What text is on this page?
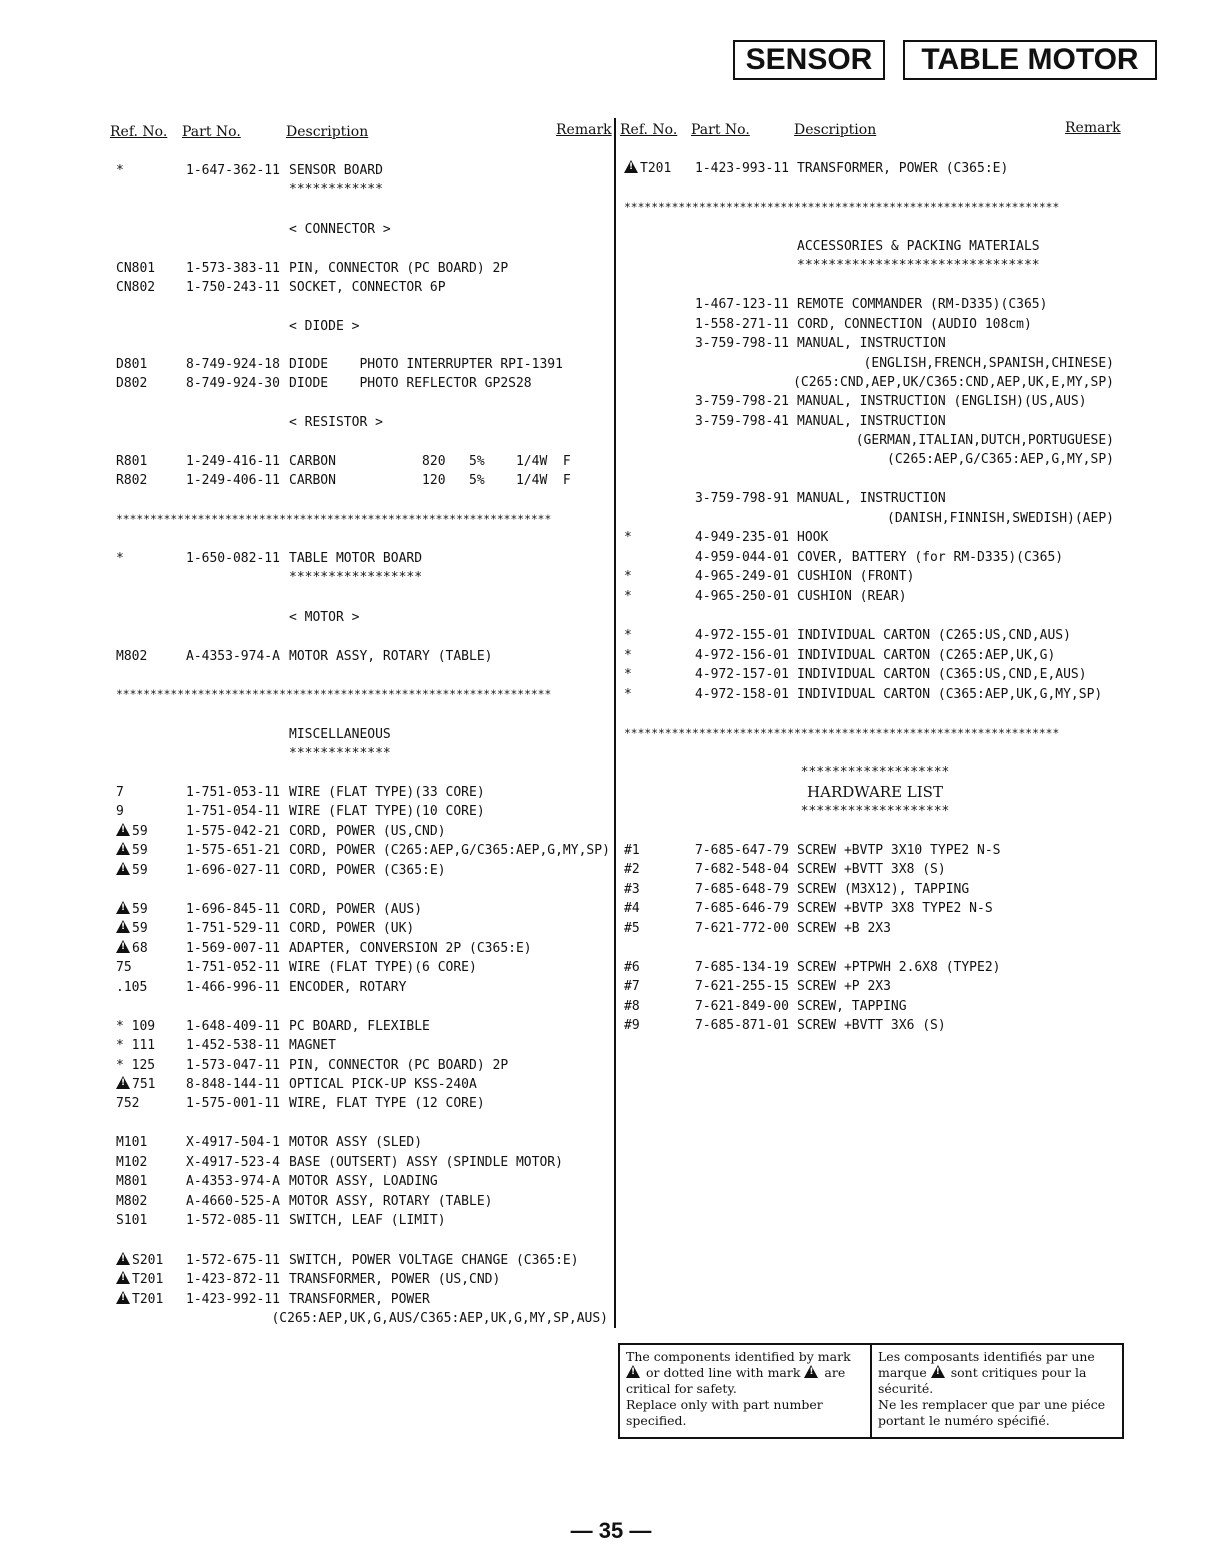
SENSOR	TABLE MOTOR
Ref. No. Part No.	Description	Remark Ref. No. Part No.	Description	Remark
*	1-647-362-11 SENSOR BOARD
************
< CONNECTOR >
CN801 1-573-383-11 PIN, CONNECTOR (PC BOARD) 2P
CN802 1-750-243-11 SOCKET, CONNECTOR 6P
< DIODE >
D801	8-749-924-18 DIODE    PHOTO INTERRUPTER RPI-1391
D802	8-749-924-30 DIODE    PHOTO REFLECTOR GP2S28
< RESISTOR >
R801	1-249-416-11 CARBON           820   5%    1/4W  F
R802	1-249-406-11 CARBON           120   5%    1/4W  F
****************************************************************
*	1-650-082-11 TABLE MOTOR BOARD
*****************
< MOTOR >
M802	A-4353-974-A MOTOR ASSY, ROTARY (TABLE)
****************************************************************
MISCELLANEOUS
*************
7	1-751-053-11 WIRE (FLAT TYPE)(33 CORE)
9	1-751-054-11 WIRE (FLAT TYPE)(10 CORE)
!59	1-575-042-21 CORD, POWER (US,CND)
!59	1-575-651-21 CORD, POWER (C265:AEP,G/C365:AEP,G,MY,SP)
!59	1-696-027-11 CORD, POWER (C365:E)
!59	1-696-845-11 CORD, POWER (AUS)
!59	1-751-529-11 CORD, POWER (UK)
!68	1-569-007-11 ADAPTER, CONVERSION 2P (C365:E)
75	1-751-052-11 WIRE (FLAT TYPE)(6 CORE)
.105	1-466-996-11 ENCODER, ROTARY
* 109 1-648-409-11 PC BOARD, FLEXIBLE
* 111 1-452-538-11 MAGNET
* 125 1-573-047-11 PIN, CONNECTOR (PC BOARD) 2P
!751 8-848-144-11 OPTICAL PICK-UP KSS-240A
752	1-575-001-11 WIRE, FLAT TYPE (12 CORE)
M101	X-4917-504-1 MOTOR ASSY (SLED)
M102	X-4917-523-4 BASE (OUTSERT) ASSY (SPINDLE MOTOR)
M801	A-4353-974-A MOTOR ASSY, LOADING
M802	A-4660-525-A MOTOR ASSY, ROTARY (TABLE)
S101	1-572-085-11 SWITCH, LEAF (LIMIT)
!S201 1-572-675-11 SWITCH, POWER VOLTAGE CHANGE (C365:E)
!T201 1-423-872-11 TRANSFORMER, POWER (US,CND)
!T201 1-423-992-11 TRANSFORMER, POWER
(C265:AEP,UK,G,AUS/C365:AEP,UK,G,MY,SP,AUS)
!T201 1-423-993-11 TRANSFORMER, POWER (C365:E)
****************************************************************
ACCESSORIES & PACKING MATERIALS
*******************************
1-467-123-11 REMOTE COMMANDER (RM-D335)(C365)
1-558-271-11 CORD, CONNECTION (AUDIO 108cm)
3-759-798-11 MANUAL, INSTRUCTION
(ENGLISH,FRENCH,SPANISH,CHINESE)
(C265:CND,AEP,UK/C365:CND,AEP,UK,E,MY,SP)
3-759-798-21 MANUAL, INSTRUCTION (ENGLISH)(US,AUS)
3-759-798-41 MANUAL, INSTRUCTION
(GERMAN,ITALIAN,DUTCH,PORTUGUESE)
(C265:AEP,G/C365:AEP,G,MY,SP)
3-759-798-91 MANUAL, INSTRUCTION
(DANISH,FINNISH,SWEDISH)(AEP)
*	4-949-235-01 HOOK
4-959-044-01 COVER, BATTERY (for RM-D335)(C365)
*	4-965-249-01 CUSHION (FRONT)
*	4-965-250-01 CUSHION (REAR)
*	4-972-155-01 INDIVIDUAL CARTON (C265:US,CND,AUS)
*	4-972-156-01 INDIVIDUAL CARTON (C265:AEP,UK,G)
*	4-972-157-01 INDIVIDUAL CARTON (C365:US,CND,E,AUS)
*	4-972-158-01 INDIVIDUAL CARTON (C365:AEP,UK,G,MY,SP)
****************************************************************
*******************
HARDWARE LIST
*******************
#1	7-685-647-79 SCREW +BVTP 3X10 TYPE2 N-S
#2	7-682-548-04 SCREW +BVTT 3X8 (S)
#3	7-685-648-79 SCREW (M3X12), TAPPING
#4	7-685-646-79 SCREW +BVTP 3X8 TYPE2 N-S
#5	7-621-772-00 SCREW +B 2X3
#6	7-685-134-19 SCREW +PTPWH 2.6X8 (TYPE2)
#7	7-621-255-15 SCREW +P 2X3
#8	7-621-849-00 SCREW, TAPPING
#9	7-685-871-01 SCREW +BVTT 3X6 (S)
The components identified by mark
! or dotted line with mark ! are critical for safety.
Replace only with part number specified.
Les composants identifiés par une marque ! sont critiques pour la sécurité.
Ne les remplacer que par une piéce portant le numéro spécifié.
— 35 —
